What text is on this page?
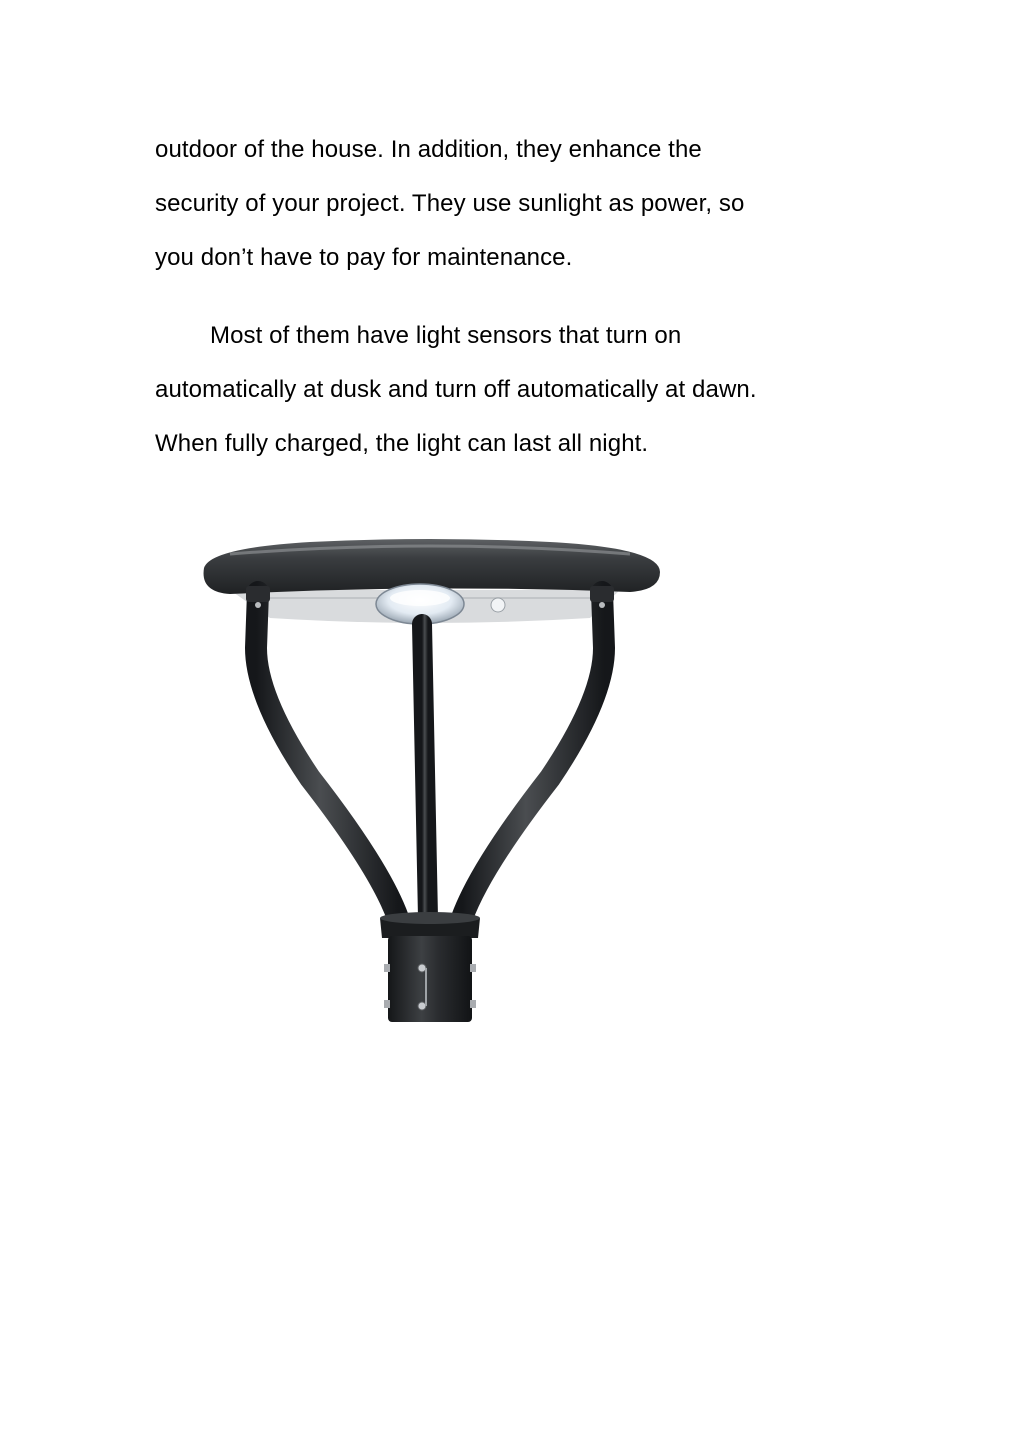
outdoor of the house. In addition, they enhance the

security of your project. They use sunlight as power, so

you don’t have to pay for maintenance.

Most of them have light sensors that turn on

automatically at dusk and turn off automatically at dawn.

When fully charged, the light can last all night.
